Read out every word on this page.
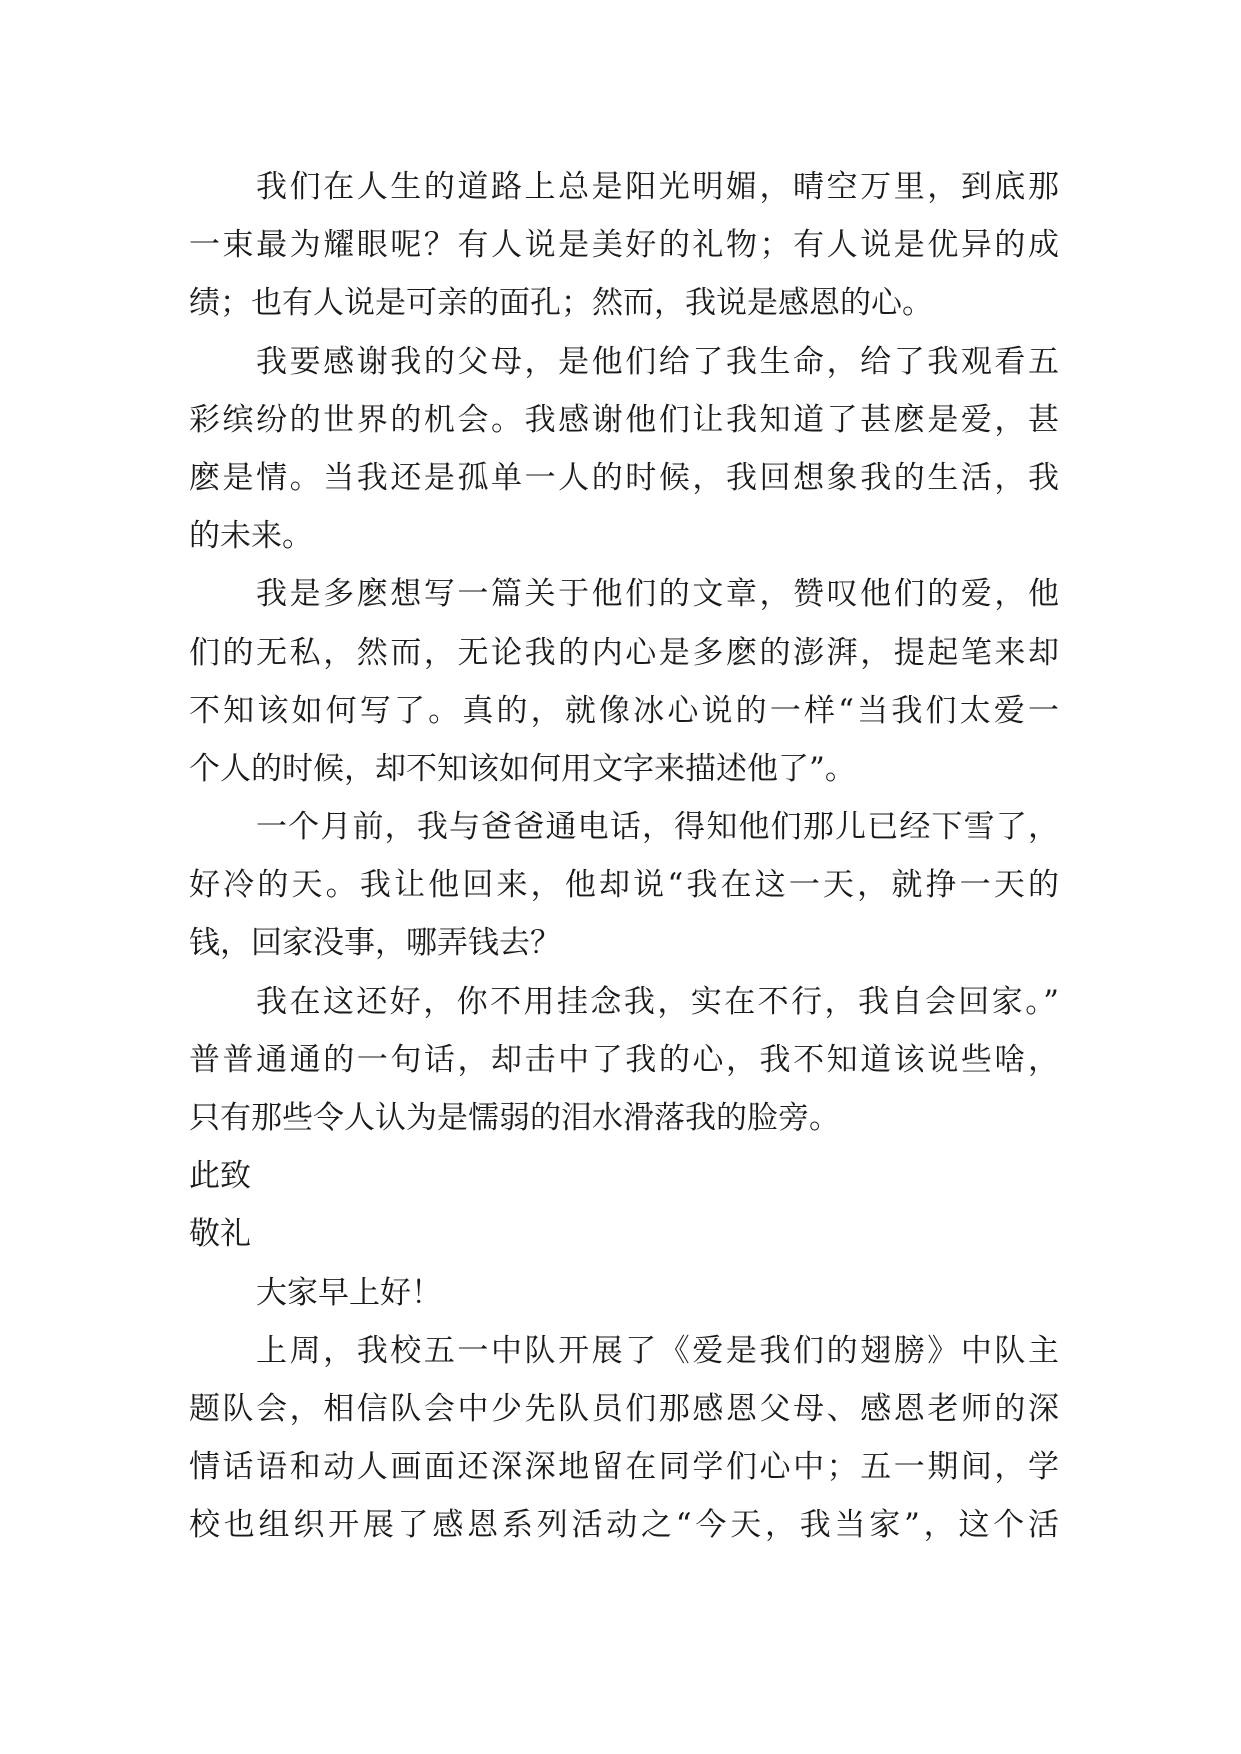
我们在人生的道路上总是阳光明媚，晴空万里，到底那
一束最为耀眼呢？有人说是美好的礼物；有人说是优异的成
绩；也有人说是可亲的面孔；然而，我说是感恩的心。
我要感谢我的父母，是他们给了我生命，给了我观看五
彩缤纷的世界的机会。我感谢他们让我知道了甚麽是爱，甚
麽是情。当我还是孤单一人的时候，我回想象我的生活，我
的未来。
我是多麽想写一篇关于他们的文章，赞叹他们的爱，他
们的无私，然而，无论我的内心是多麽的澎湃，提起笔来却
不知该如何写了。真的，就像冰心说的一样“当我们太爱一
个人的时候，却不知该如何用文字来描述他了”。
一个月前，我与爸爸通电话，得知他们那儿已经下雪了，
好冷的天。我让他回来，他却说“我在这一天，就挣一天的
钱，回家没事，哪弄钱去？
我在这还好，你不用挂念我，实在不行，我自会回家。”
普普通通的一句话，却击中了我的心，我不知道该说些啥，
只有那些令人认为是懦弱的泪水滑落我的脸旁。
此致
敬礼
大家早上好！
上周，我校五一中队开展了《爱是我们的翅膀》中队主
题队会，相信队会中少先队员们那感恩父母、感恩老师的深
情话语和动人画面还深深地留在同学们心中；五一期间，学
校也组织开展了感恩系列活动之“今天，我当家”，这个活
